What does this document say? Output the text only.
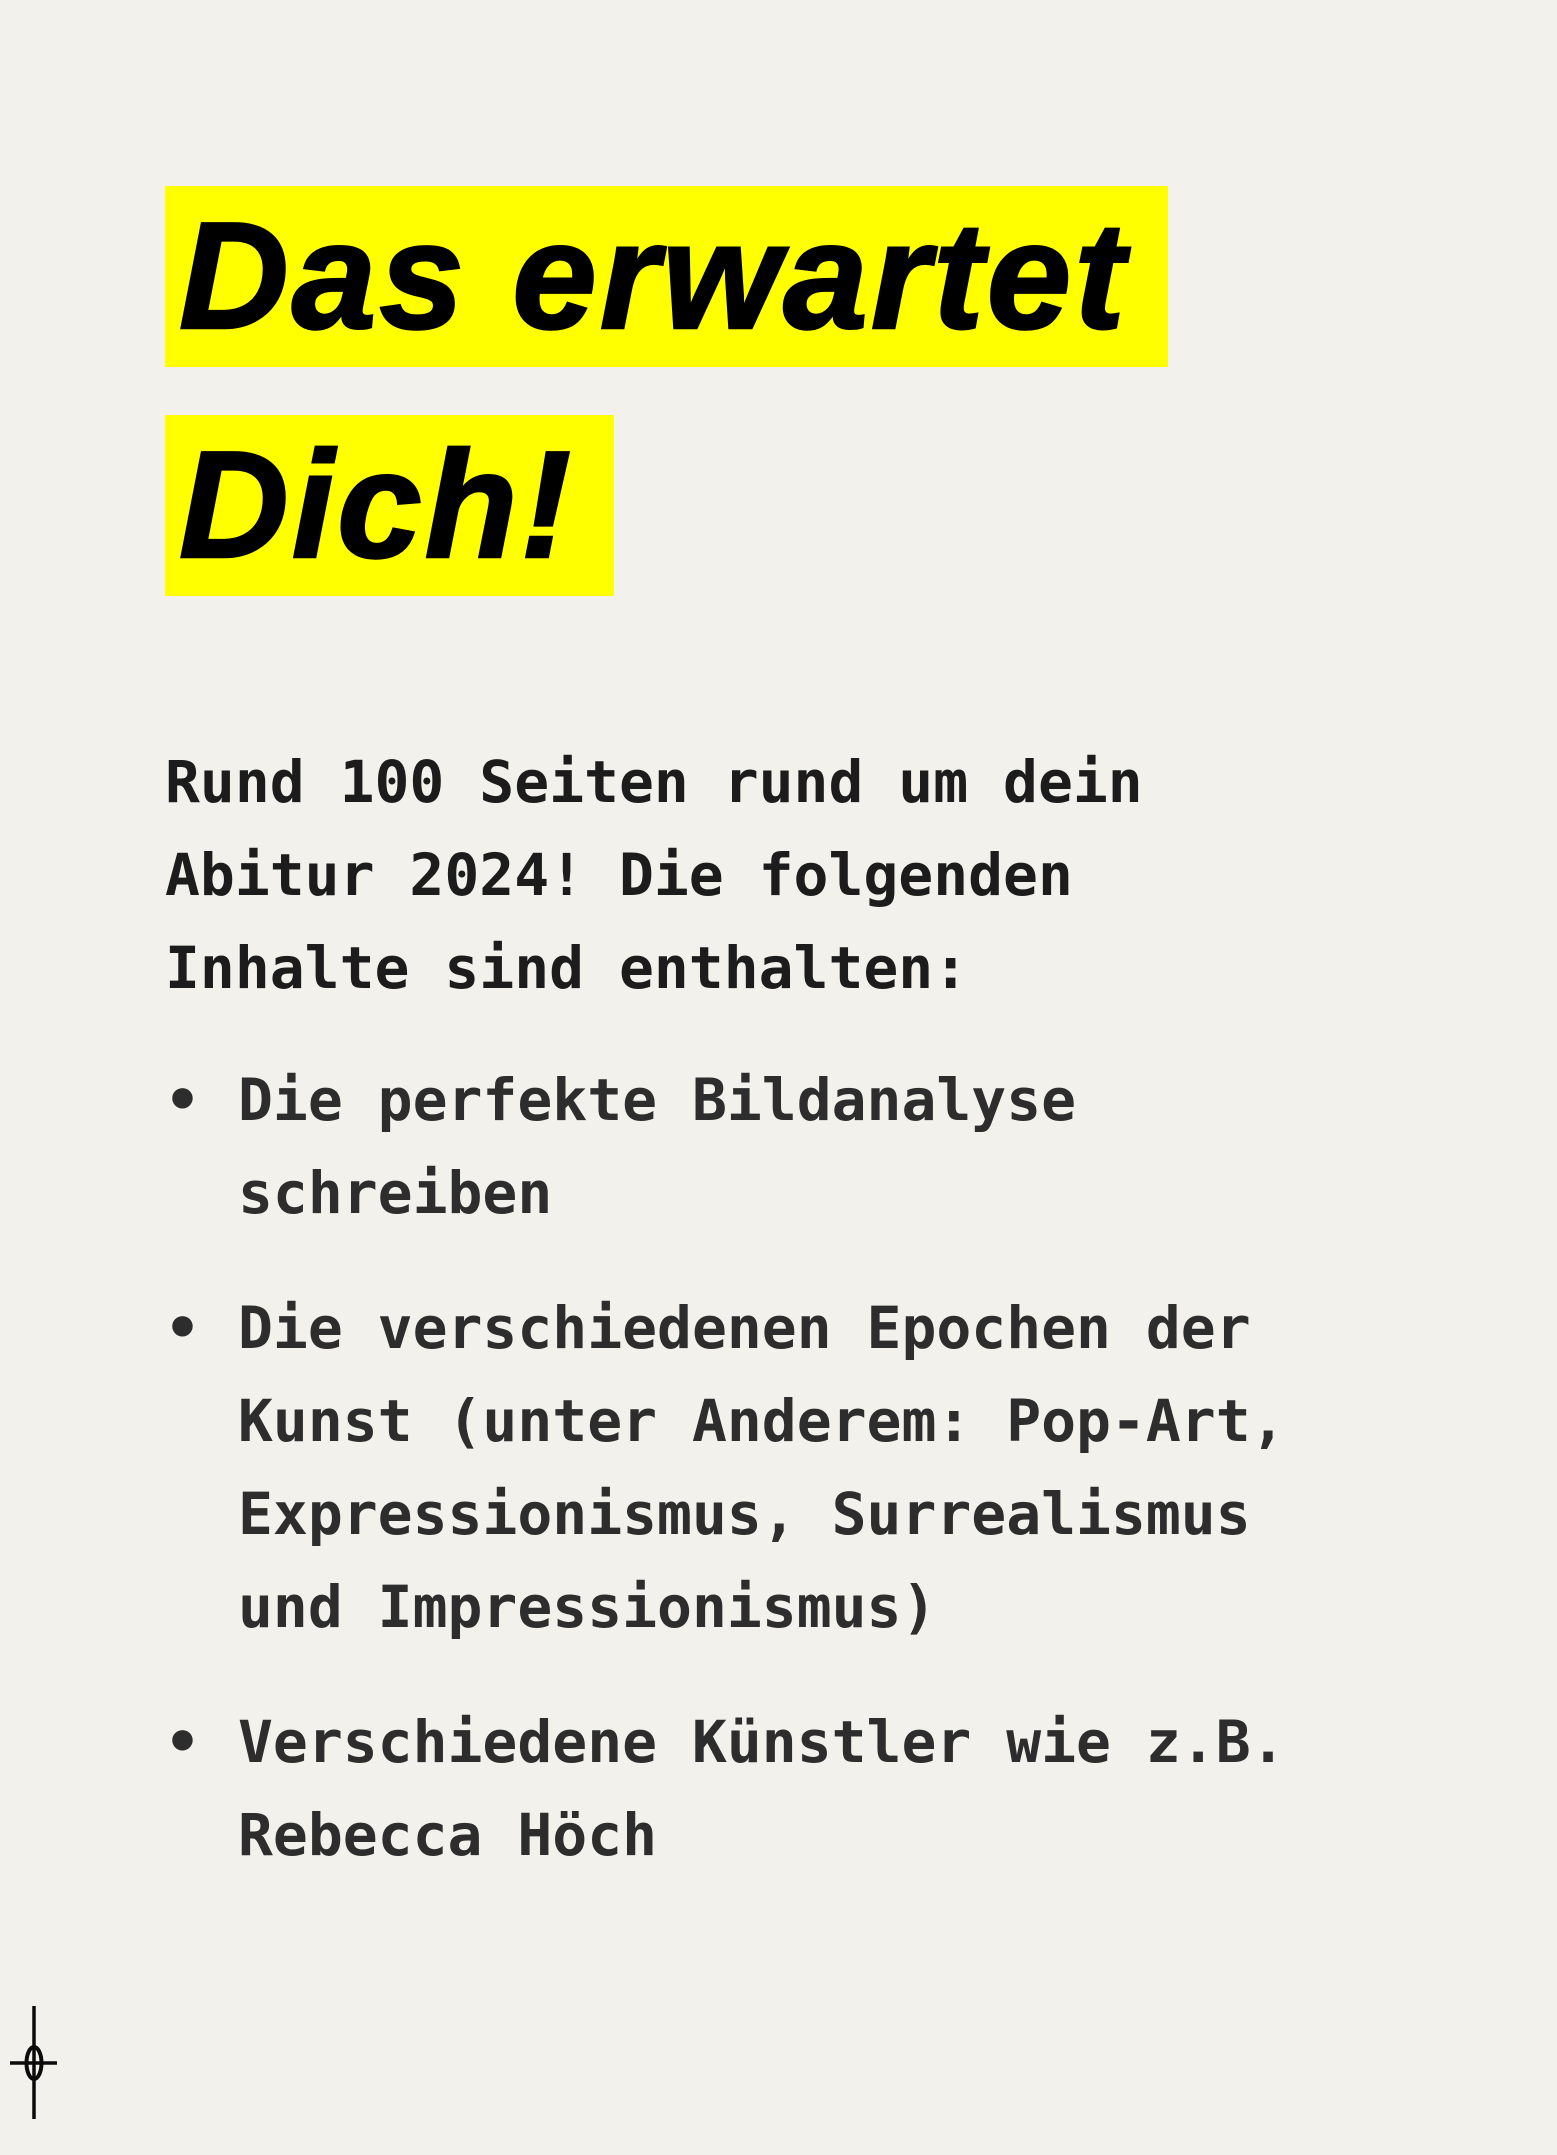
Das erwartet
Dich!

Rund 100 Seiten rund um dein Abitur 2024! Die folgenden Inhalte sind enthalten:

• Die perfekte Bildanalyse schreiben
• Die verschiedenen Epochen der Kunst (unter Anderem: Pop-Art, Expressionismus, Surrealismus und Impressionismus)
• Verschiedene Künstler wie z.B. Rebecca Höch
